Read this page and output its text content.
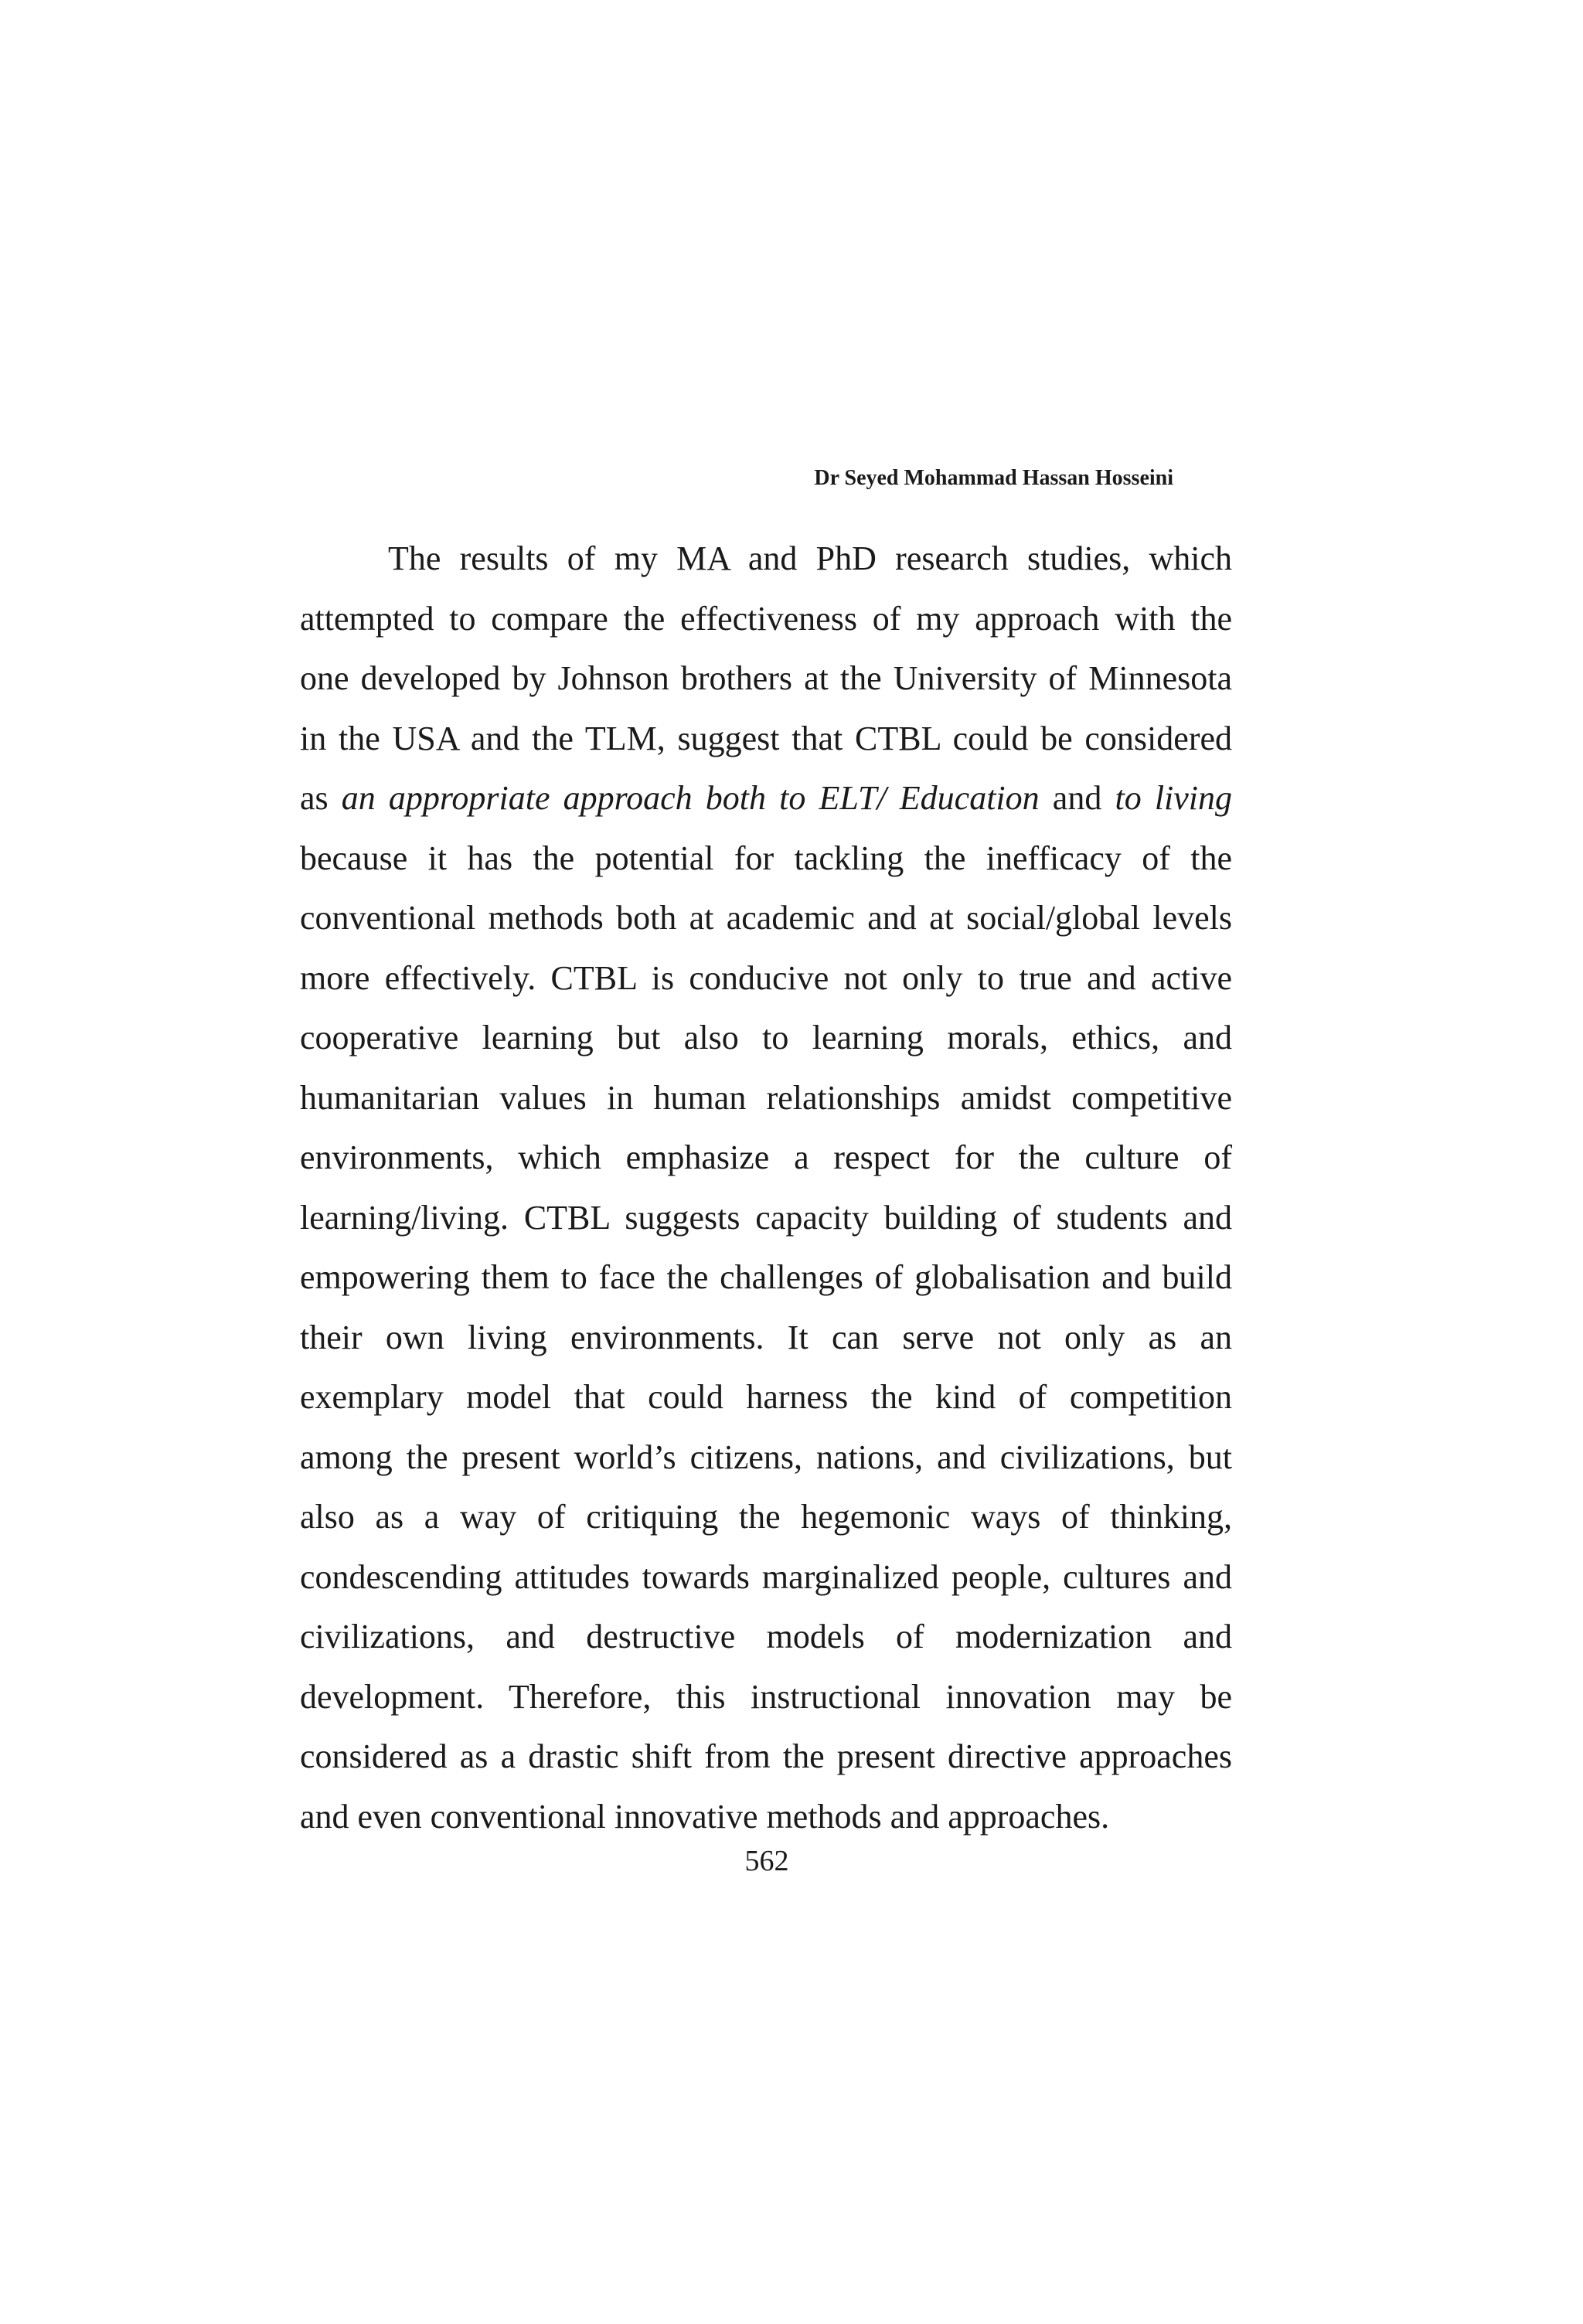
Dr Seyed Mohammad Hassan Hosseini
The results of my MA and PhD research studies, which
attempted to compare the effectiveness of my approach with the
one developed by Johnson brothers at the University of Minnesota
in the USA and the TLM, suggest that CTBL could be considered
as an appropriate approach both to ELT/ Education and to living
because it has the potential for tackling the inefficacy of the
conventional methods both at academic and at social/global levels
more effectively. CTBL is conducive not only to true and active
cooperative learning but also to learning morals, ethics, and
humanitarian values in human relationships amidst competitive
environments, which emphasize a respect for the culture of
learning/living. CTBL suggests capacity building of students and
empowering them to face the challenges of globalisation and build
their own living environments. It can serve not only as an
exemplary model that could harness the kind of competition
among the present world’s citizens, nations, and civilizations, but
also as a way of critiquing the hegemonic ways of thinking,
condescending attitudes towards marginalized people, cultures and
civilizations, and destructive models of modernization and
development. Therefore, this instructional innovation may be
considered as a drastic shift from the present directive approaches
and even conventional innovative methods and approaches.
562
